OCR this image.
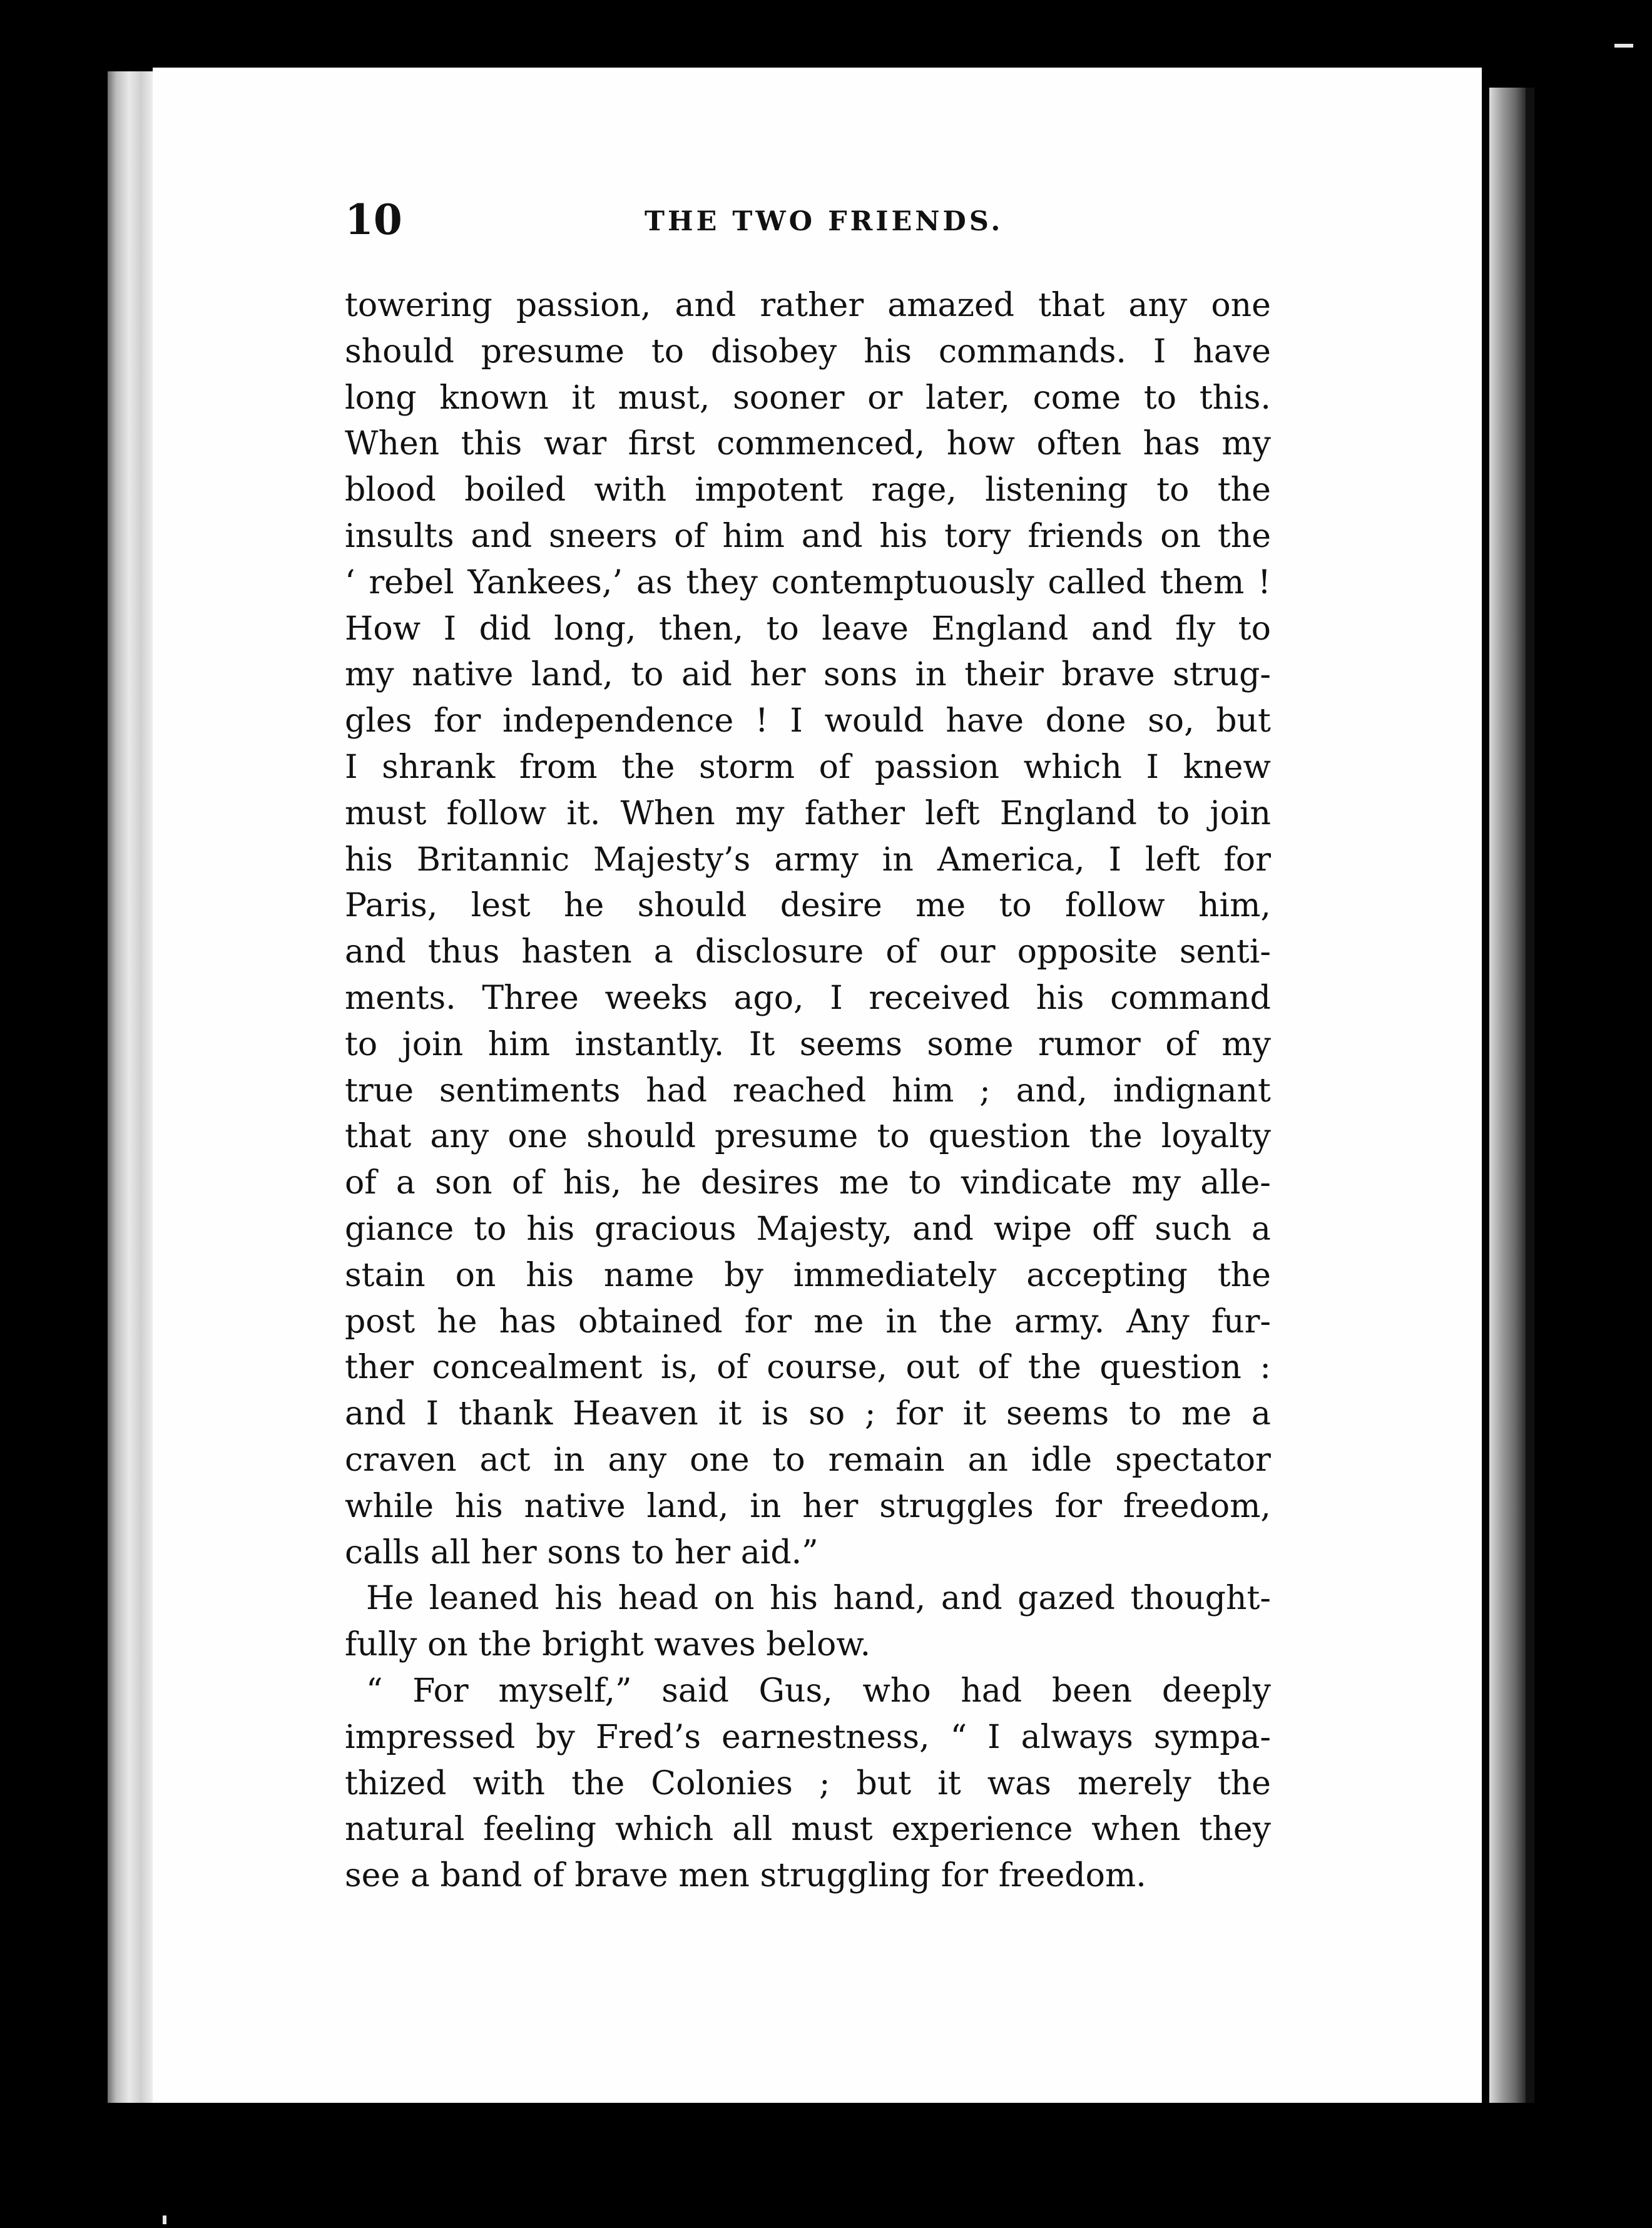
10	THE TWO FRIENDS.
towering passion, and rather amazed that any one
should presume to disobey his commands. I have
long known it must, sooner or later, come to this.
When this war first commenced, how often has my
blood boiled with impotent rage, listening to the
insults and sneers of him and his tory friends on the
‘ rebel Yankees,’ as they contemptuously called them !
How I did long, then, to leave England and fly to
my native land, to aid her sons in their brave strug-
gles for independence ! I would have done so, but
I shrank from the storm of passion which I knew
must follow it. When my father left England to join
his Britannic Majesty’s army in America, I left for
Paris, lest he should desire me to follow him,
and thus hasten a disclosure of our opposite senti-
ments. Three weeks ago, I received his command
to join him instantly. It seems some rumor of my
true sentiments had reached him ; and, indignant
that any one should presume to question the loyalty
of a son of his, he desires me to vindicate my alle-
giance to his gracious Majesty, and wipe off such a
stain on his name by immediately accepting the
post he has obtained for me in the army. Any fur-
ther concealment is, of course, out of the question :
and I thank Heaven it is so ; for it seems to me a
craven act in any one to remain an idle spectator
while his native land, in her struggles for freedom,
calls all her sons to her aid.”
He leaned his head on his hand, and gazed thought-
fully on the bright waves below.
“ For myself,” said Gus, who had been deeply
impressed by Fred’s earnestness, “ I always sympa-
thized with the Colonies ; but it was merely the
natural feeling which all must experience when they
see a band of brave men struggling for freedom.
